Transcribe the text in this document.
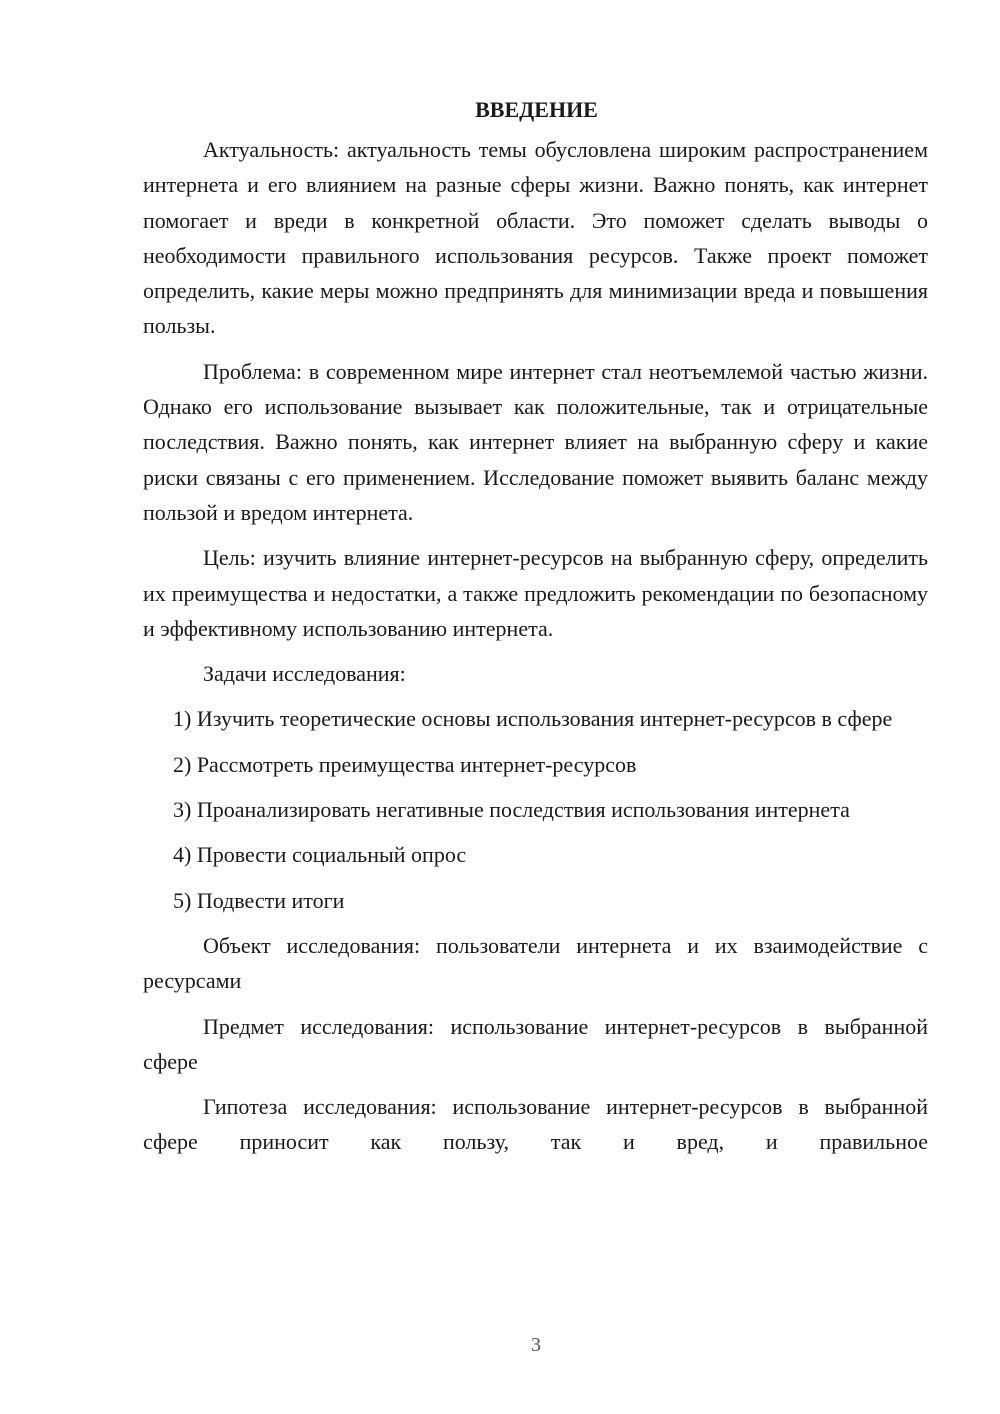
ВВЕДЕНИЕ

Актуальность: актуальность темы обусловлена широким распространением интернета и его влиянием на разные сферы жизни. Важно понять, как интернет помогает и вреди в конкретной области. Это поможет сделать выводы о необходимости правильного использования ресурсов. Также проект поможет определить, какие меры можно предпринять для минимизации вреда и повышения пользы.

Проблема: в современном мире интернет стал неотъемлемой частью жизни. Однако его использование вызывает как положительные, так и отрицательные последствия. Важно понять, как интернет влияет на выбранную сферу и какие риски связаны с его применением. Исследование поможет выявить баланс между пользой и вредом интернета.

Цель: изучить влияние интернет-ресурсов на выбранную сферу, определить их преимущества и недостатки, а также предложить рекомендации по безопасному и эффективному использованию интернета.

Задачи исследования:

1) Изучить теоретические основы использования интернет-ресурсов в сфере

2) Рассмотреть преимущества интернет-ресурсов

3) Проанализировать негативные последствия использования интернета

4) Провести социальный опрос

5) Подвести итоги

Объект исследования: пользователи интернета и их взаимодействие с ресурсами

Предмет исследования: использование интернет-ресурсов в выбранной сфере

Гипотеза исследования: использование интернет-ресурсов в выбранной сфере приносит как пользу, так и вред, и правильное

3
